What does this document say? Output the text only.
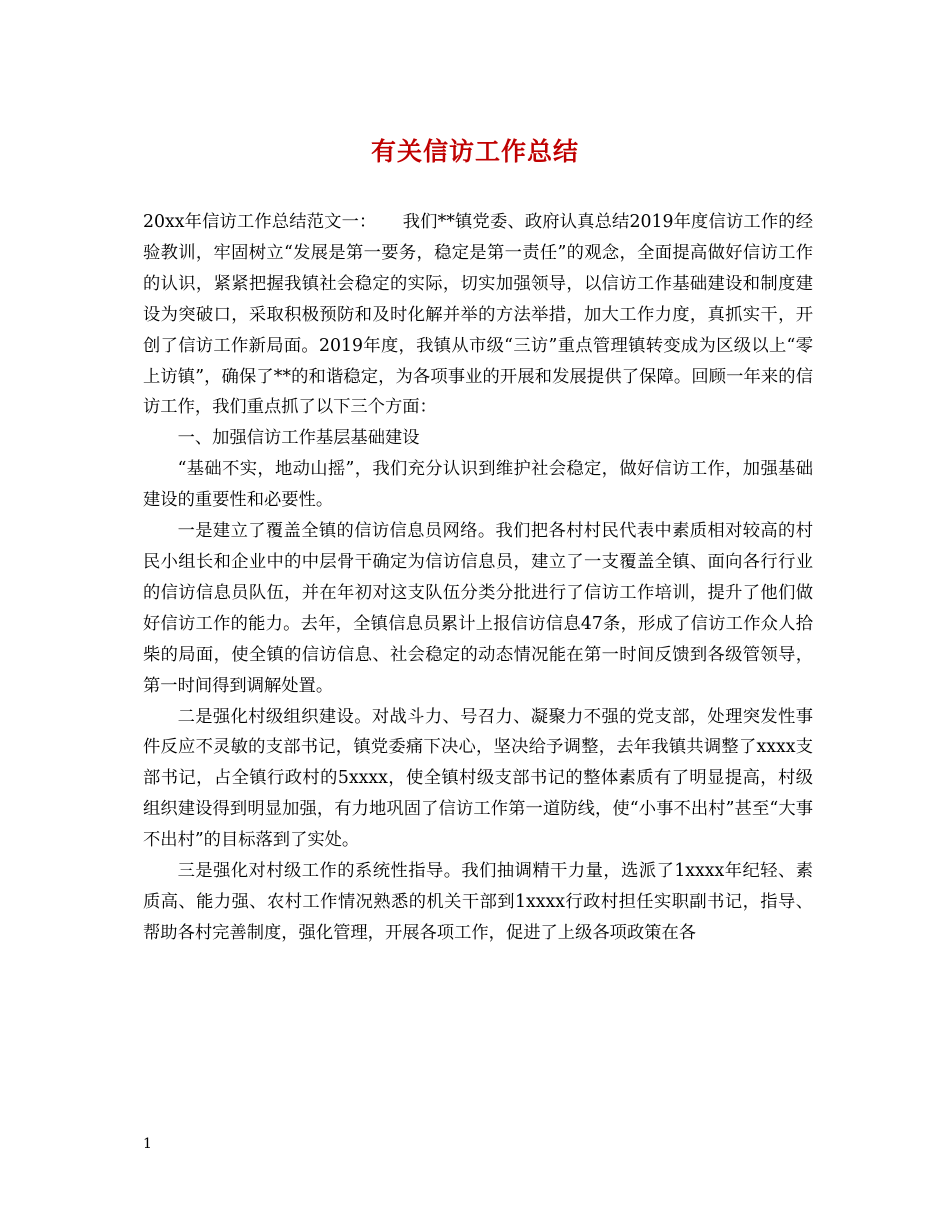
有关信访工作总结

20xx年信访工作总结范文一：　　我们**镇党委、政府认真总结2019年度信访工作的经验教训，牢固树立“发展是第一要务，稳定是第一责任”的观念，全面提高做好信访工作的认识，紧紧把握我镇社会稳定的实际，切实加强领导，以信访工作基础建设和制度建设为突破口，采取积极预防和及时化解并举的方法举措，加大工作力度，真抓实干，开创了信访工作新局面。2019年度，我镇从市级“三访”重点管理镇转变成为区级以上“零上访镇”，确保了**的和谐稳定，为各项事业的开展和发展提供了保障。回顾一年来的信访工作，我们重点抓了以下三个方面：

一、加强信访工作基层基础建设

“基础不实，地动山摇”，我们充分认识到维护社会稳定，做好信访工作，加强基础建设的重要性和必要性。

一是建立了覆盖全镇的信访信息员网络。我们把各村村民代表中素质相对较高的村民小组长和企业中的中层骨干确定为信访信息员，建立了一支覆盖全镇、面向各行行业的信访信息员队伍，并在年初对这支队伍分类分批进行了信访工作培训，提升了他们做好信访工作的能力。去年，全镇信息员累计上报信访信息47条，形成了信访工作众人拾柴的局面，使全镇的信访信息、社会稳定的动态情况能在第一时间反馈到各级管领导，第一时间得到调解处置。

二是强化村级组织建设。对战斗力、号召力、凝聚力不强的党支部，处理突发性事件反应不灵敏的支部书记，镇党委痛下决心，坚决给予调整，去年我镇共调整了xxxx支部书记，占全镇行政村的5xxxx，使全镇村级支部书记的整体素质有了明显提高，村级组织建设得到明显加强，有力地巩固了信访工作第一道防线，使“小事不出村”甚至“大事不出村”的目标落到了实处。

三是强化对村级工作的系统性指导。我们抽调精干力量，选派了1xxxx年纪轻、素质高、能力强、农村工作情况熟悉的机关干部到1xxxx行政村担任实职副书记，指导、帮助各村完善制度，强化管理，开展各项工作，促进了上级各项政策在各

1
